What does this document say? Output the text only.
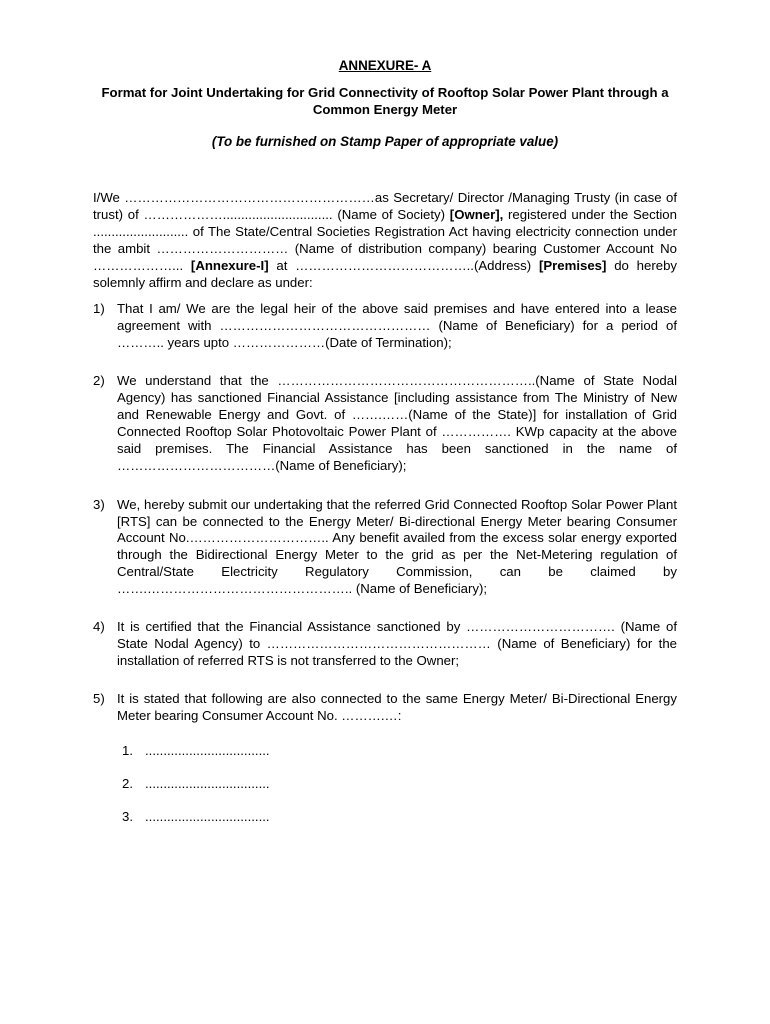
ANNEXURE- A

Format for Joint Undertaking for Grid Connectivity of Rooftop Solar Power Plant through a Common Energy Meter

(To be furnished on Stamp Paper of appropriate value)

I/We …………………………………………………as Secretary/ Director /Managing Trusty (in case of trust) of ……………….............................. (Name of Society) [Owner], registered under the Section .......................... of The State/Central Societies Registration Act having electricity connection under the ambit ………………………… (Name of distribution company) bearing Customer Account No ………………... [Annexure-I] at …………………………………..(Address) [Premises] do hereby solemnly affirm and declare as under:

1) That I am/ We are the legal heir of the above said premises and have entered into a lease agreement with ………………………………………… (Name of Beneficiary) for a period of ……….. years upto …………………(Date of Termination);
2) We understand that the …………………………………………………..(Name of State Nodal Agency) has sanctioned Financial Assistance [including assistance from The Ministry of New and Renewable Energy and Govt. of …….……(Name of the State)] for installation of Grid Connected Rooftop Solar Photovoltaic Power Plant of ……………. KWp capacity at the above said premises. The Financial Assistance has been sanctioned in the name of ………………………………(Name of Beneficiary);
3) We, hereby submit our undertaking that the referred Grid Connected Rooftop Solar Power Plant [RTS] can be connected to the Energy Meter/ Bi-directional Energy Meter bearing Consumer Account No.………………………….. Any benefit availed from the excess solar energy exported through the Bidirectional Energy Meter to the grid as per the Net-Metering regulation of Central/State Electricity Regulatory Commission, can be claimed by …….……………………………………….. (Name of Beneficiary);
4) It is certified that the Financial Assistance sanctioned by ……………………………. (Name of State Nodal Agency) to …………………………………………… (Name of Beneficiary) for the installation of referred RTS is not transferred to the Owner;
5) It is stated that following are also connected to the same Energy Meter/ Bi-Directional Energy Meter bearing Consumer Account No. ……….…:
1. ..................................
2. ..................................
3. ..................................
